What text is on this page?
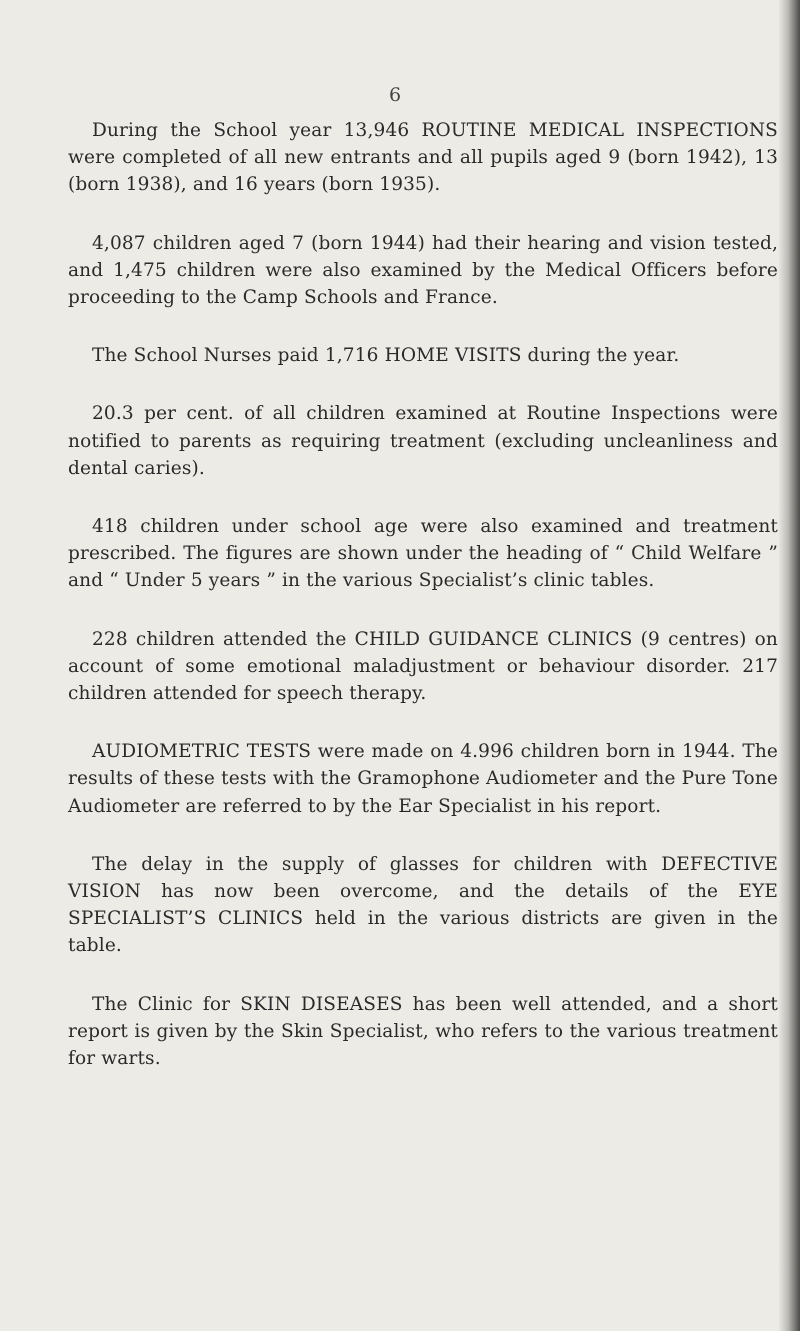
6

During the School year 13,946 ROUTINE MEDICAL INSPECTIONS were completed of all new entrants and all pupils aged 9 (born 1942), 13 (born 1938), and 16 years (born 1935).

4,087 children aged 7 (born 1944) had their hearing and vision tested, and 1,475 children were also examined by the Medical Officers before proceeding to the Camp Schools and France.

The School Nurses paid 1,716 HOME VISITS during the year.

20.3 per cent. of all children examined at Routine Inspections were notified to parents as requiring treatment (excluding uncleanliness and dental caries).

418 children under school age were also examined and treatment prescribed. The figures are shown under the heading of “ Child Welfare ” and “ Under 5 years ” in the various Specialist’s clinic tables.

228 children attended the CHILD GUIDANCE CLINICS (9 centres) on account of some emotional maladjustment or behaviour disorder. 217 children attended for speech therapy.

AUDIOMETRIC TESTS were made on 4.996 children born in 1944. The results of these tests with the Gramophone Audiometer and the Pure Tone Audiometer are referred to by the Ear Specialist in his report.

The delay in the supply of glasses for children with DEFECTIVE VISION has now been overcome, and the details of the EYE SPECIALIST’S CLINICS held in the various districts are given in the table.

The Clinic for SKIN DISEASES has been well attended, and a short report is given by the Skin Specialist, who refers to the various treatment for warts.
